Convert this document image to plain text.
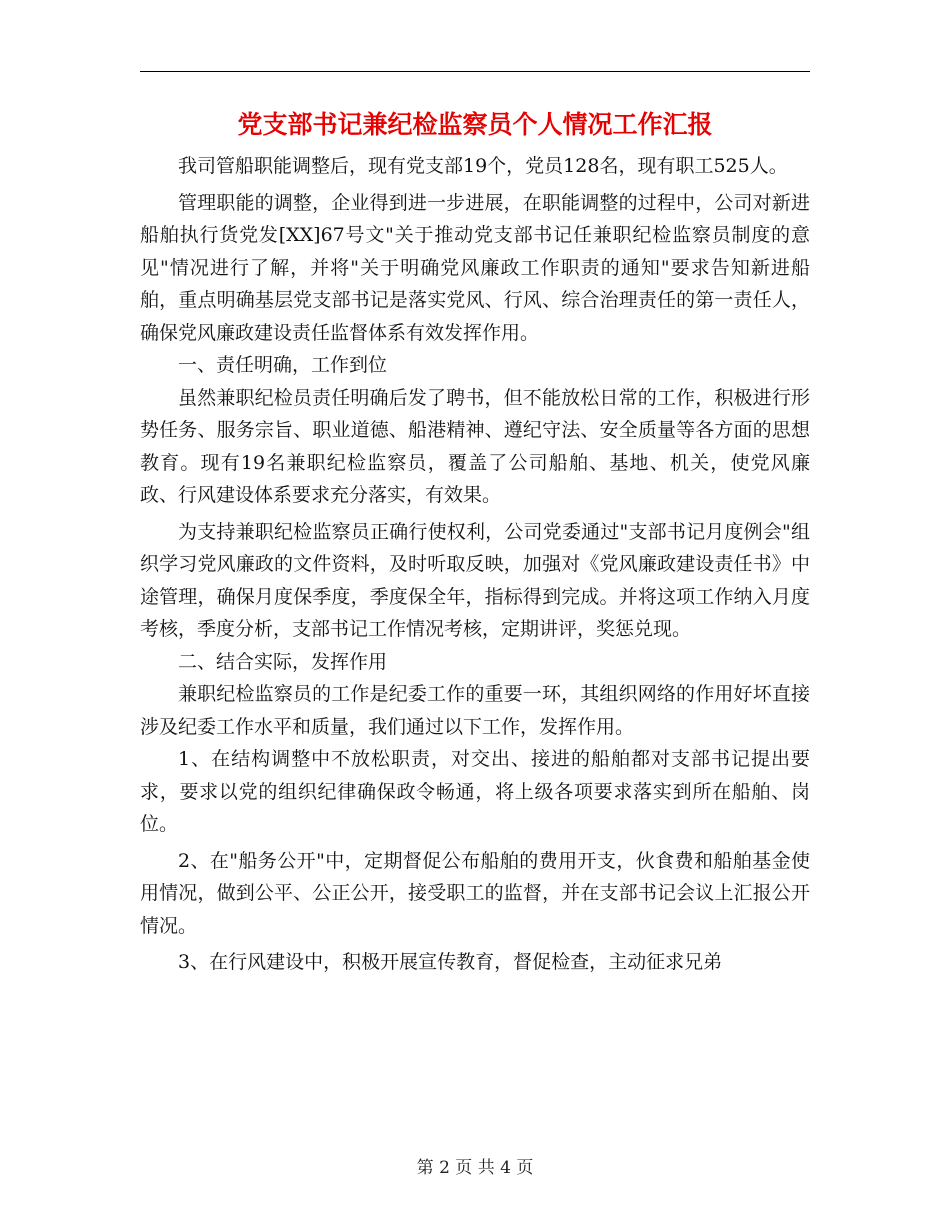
党支部书记兼纪检监察员个人情况工作汇报

我司管船职能调整后，现有党支部19个，党员128名，现有职工525人。

管理职能的调整，企业得到进一步进展，在职能调整的过程中，公司对新进船舶执行货党发[XX]67号文"关于推动党支部书记任兼职纪检监察员制度的意见"情况进行了解，并将"关于明确党风廉政工作职责的通知"要求告知新进船舶，重点明确基层党支部书记是落实党风、行风、综合治理责任的第一责任人，确保党风廉政建设责任监督体系有效发挥作用。

一、责任明确，工作到位

虽然兼职纪检员责任明确后发了聘书，但不能放松日常的工作，积极进行形势任务、服务宗旨、职业道德、船港精神、遵纪守法、安全质量等各方面的思想教育。现有19名兼职纪检监察员，覆盖了公司船舶、基地、机关，使党风廉政、行风建设体系要求充分落实，有效果。

为支持兼职纪检监察员正确行使权利，公司党委通过"支部书记月度例会"组织学习党风廉政的文件资料，及时听取反映，加强对《党风廉政建设责任书》中途管理，确保月度保季度，季度保全年，指标得到完成。并将这项工作纳入月度考核，季度分析，支部书记工作情况考核，定期讲评，奖惩兑现。

二、结合实际，发挥作用

兼职纪检监察员的工作是纪委工作的重要一环，其组织网络的作用好坏直接涉及纪委工作水平和质量，我们通过以下工作，发挥作用。

1、在结构调整中不放松职责，对交出、接进的船舶都对支部书记提出要求，要求以党的组织纪律确保政令畅通，将上级各项要求落实到所在船舶、岗位。

2、在"船务公开"中，定期督促公布船舶的费用开支，伙食费和船舶基金使用情况，做到公平、公正公开，接受职工的监督，并在支部书记会议上汇报公开情况。

3、在行风建设中，积极开展宣传教育，督促检查，主动征求兄弟

第 2 页 共 4 页
